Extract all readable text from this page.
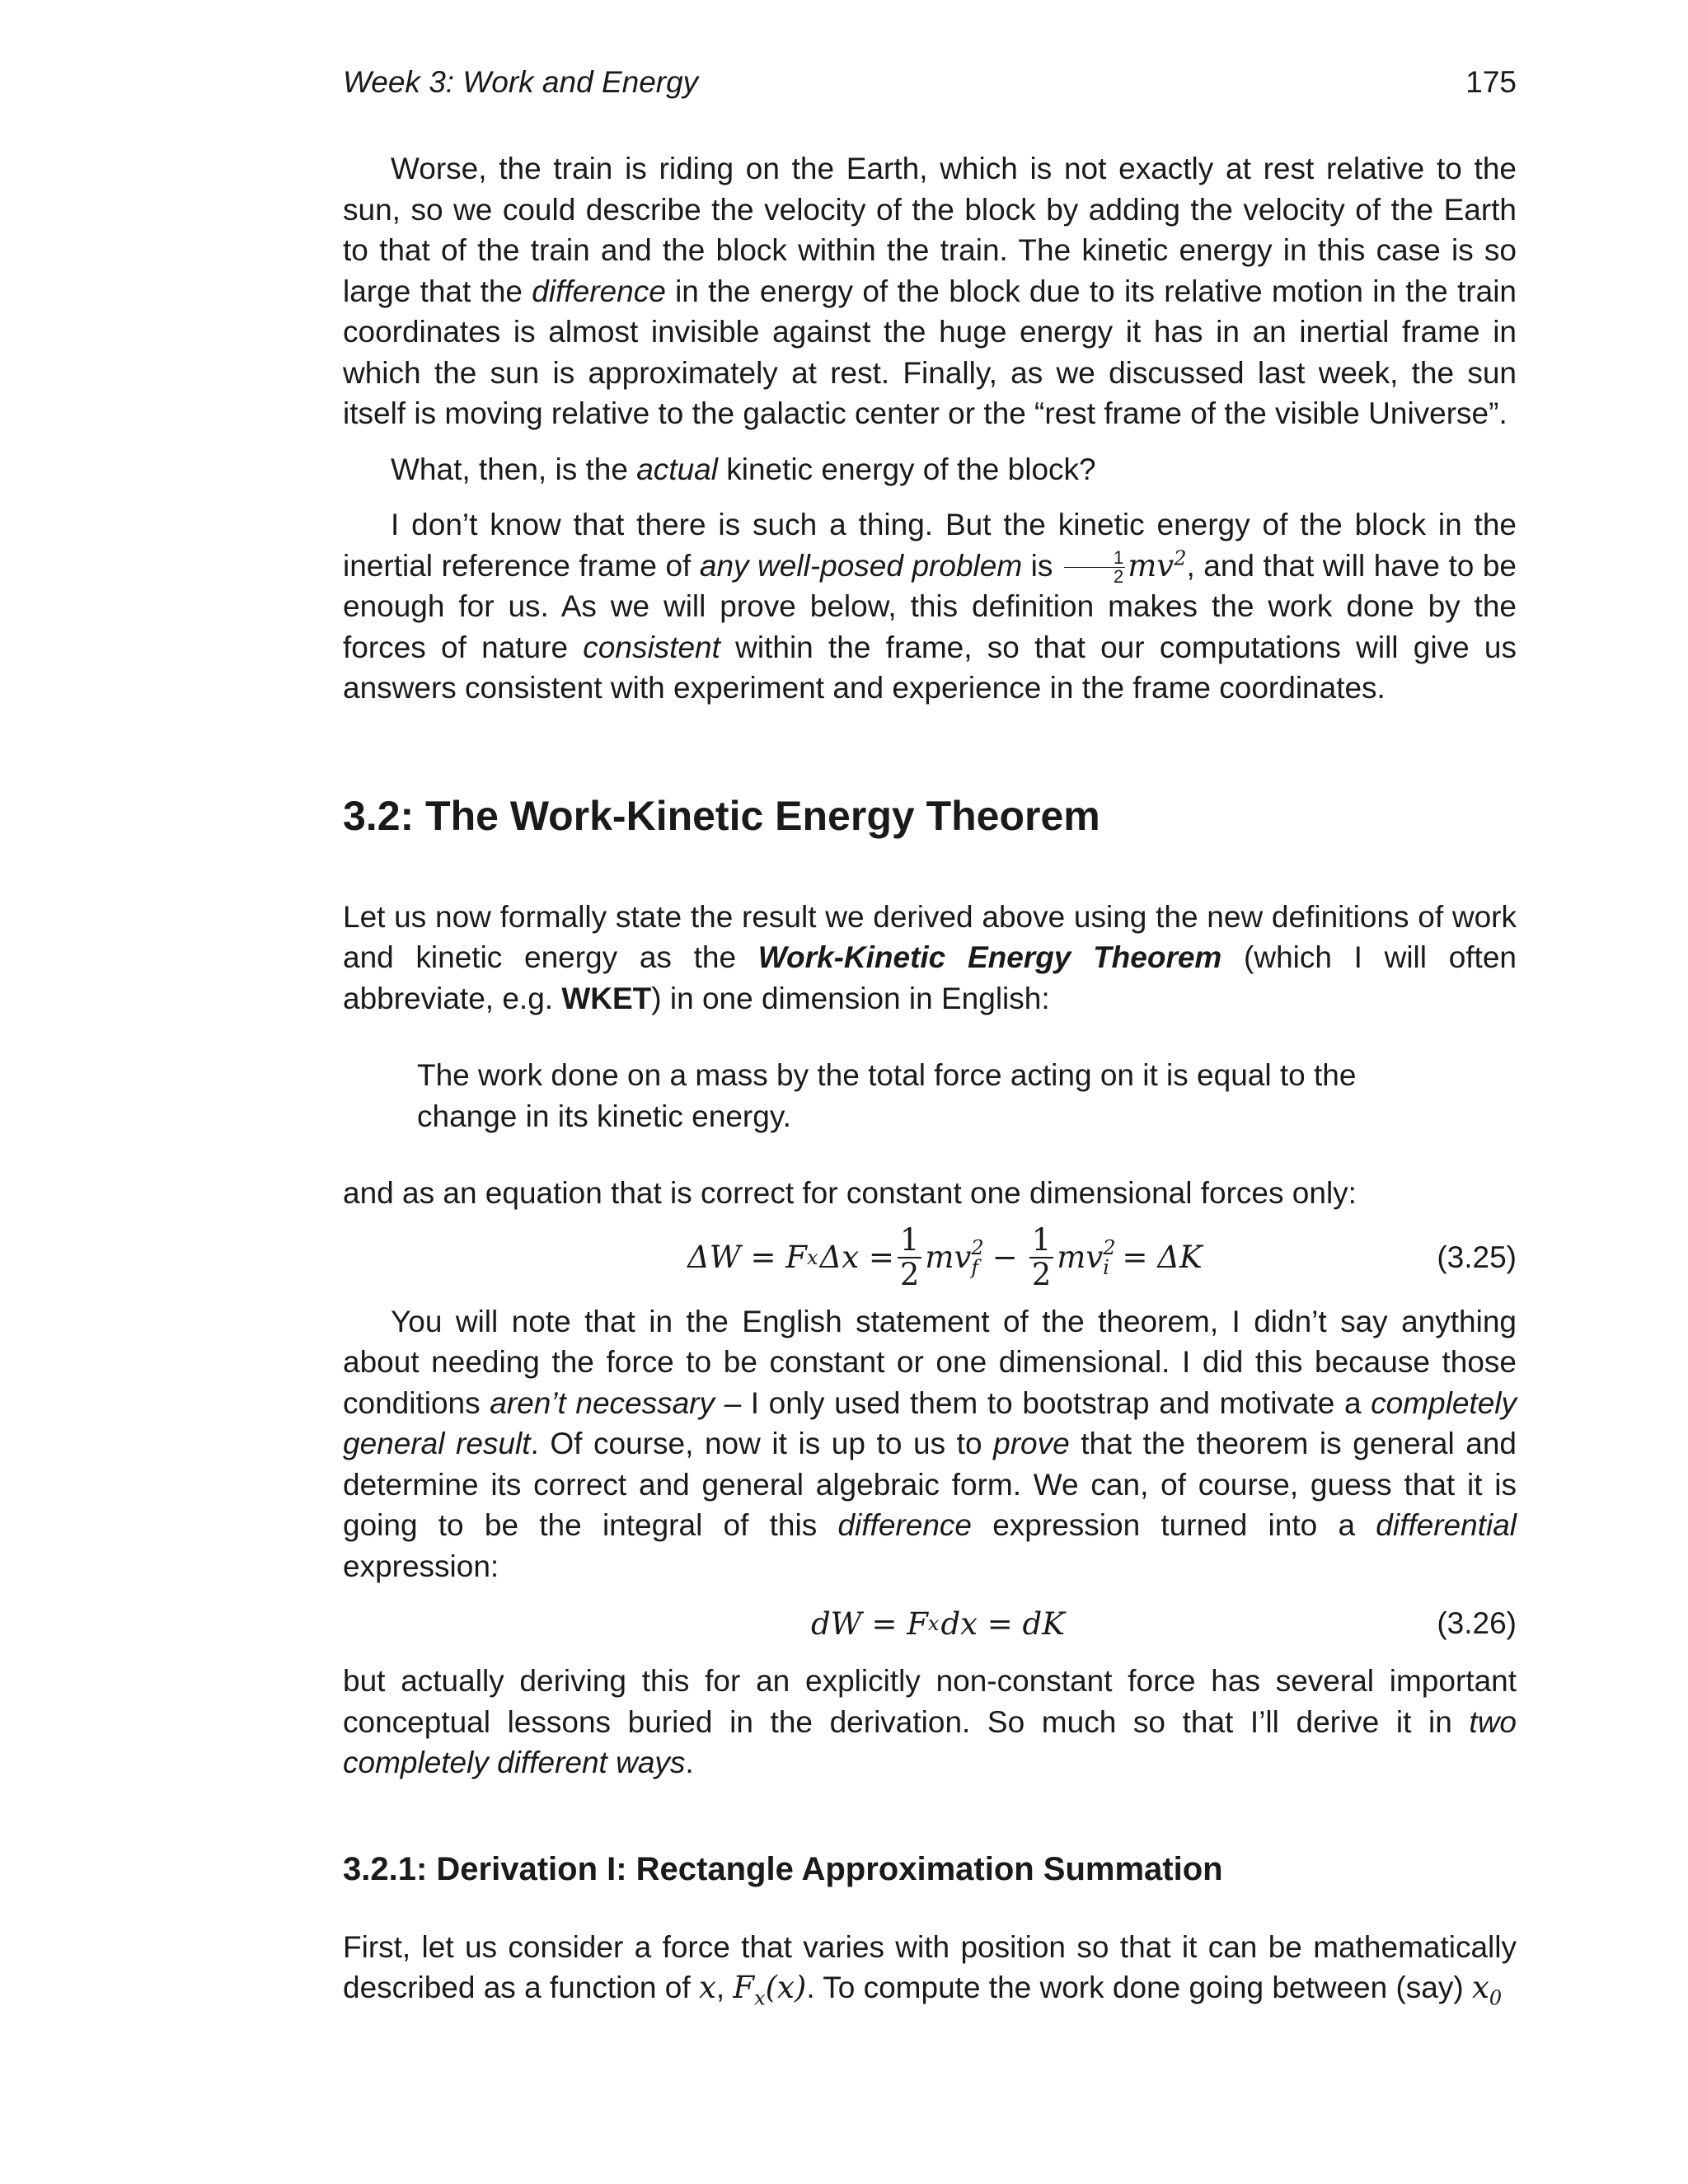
Week 3: Work and Energy	175

Worse, the train is riding on the Earth, which is not exactly at rest relative to the sun, so we could describe the velocity of the block by adding the velocity of the Earth to that of the train and the block within the train. The kinetic energy in this case is so large that the difference in the energy of the block due to its relative motion in the train coordinates is almost invisible against the huge energy it has in an inertial frame in which the sun is approximately at rest. Finally, as we discussed last week, the sun itself is moving relative to the galactic center or the “rest frame of the visible Universe”.

What, then, is the actual kinetic energy of the block?

I don’t know that there is such a thing. But the kinetic energy of the block in the inertial reference frame of any well-posed problem is $\frac{1}{2} mv^2$, and that will have to be enough for us. As we will prove below, this definition makes the work done by the forces of nature consistent within the frame, so that our computations will give us answers consistent with experiment and experience in the frame coordinates.

3.2: The Work-Kinetic Energy Theorem

Let us now formally state the result we derived above using the new definitions of work and kinetic energy as the Work-Kinetic Energy Theorem (which I will often abbreviate, e.g. WKET) in one dimension in English:

The work done on a mass by the total force acting on it is equal to the change in its kinetic energy.

and as an equation that is correct for constant one dimensional forces only:

ΔW = F x $\Delta x = \frac{1}{2}$ mv 2
$f - \frac{1}{2}$ mv 2
i = ΔK	(3.25)

You will note that in the English statement of the theorem, I didn’t say anything about needing the force to be constant or one dimensional. I did this because those conditions aren’t necessary – I only used them to bootstrap and motivate a completely general result. Of course, now it is up to us to prove that the theorem is general and determine its correct and general algebraic form. We can, of course, guess that it is going to be the integral of this difference expression turned into a differential expression:

dW = F x dx = dK	(3.26)

but actually deriving this for an explicitly non-constant force has several important conceptual lessons buried in the derivation. So much so that I’ll derive it in two completely different ways.

3.2.1: Derivation I: Rectangle Approximation Summation

First, let us consider a force that varies with position so that it can be mathematically described as a function of x, $F_x(x)$. To compute the work done going between (say) $x_0$
